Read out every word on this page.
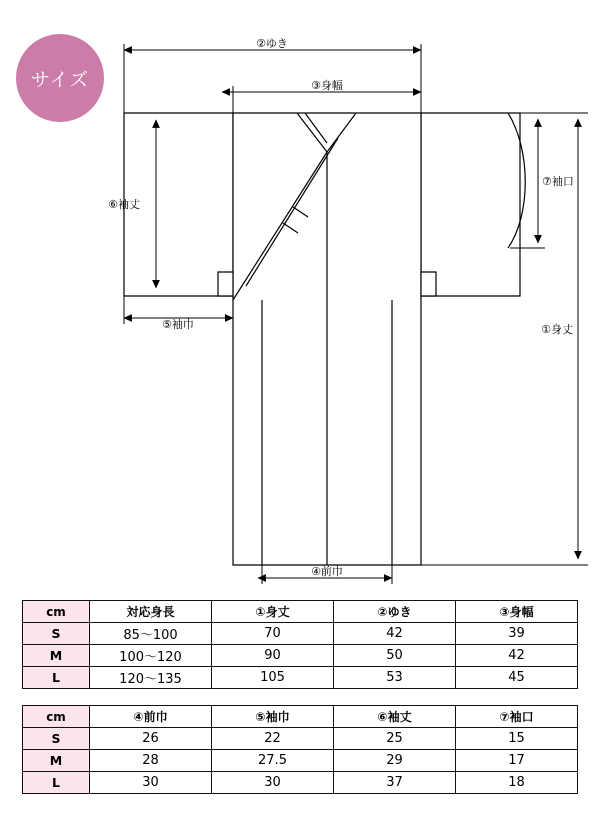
サイズ
②ゆき
③身幅
⑥袖丈
⑤袖巾
⑦袖口
①身丈
④前巾
cm	対応身長	①身丈	②ゆき	③身幅
S	85〜100	70	42	39
M	100〜120	90	50	42
L	120〜135	105	53	45
cm	④前巾	⑤袖巾	⑥袖丈	⑦袖口
S	26	22	25	15
M	28	27.5	29	17
L	30	30	37	18
